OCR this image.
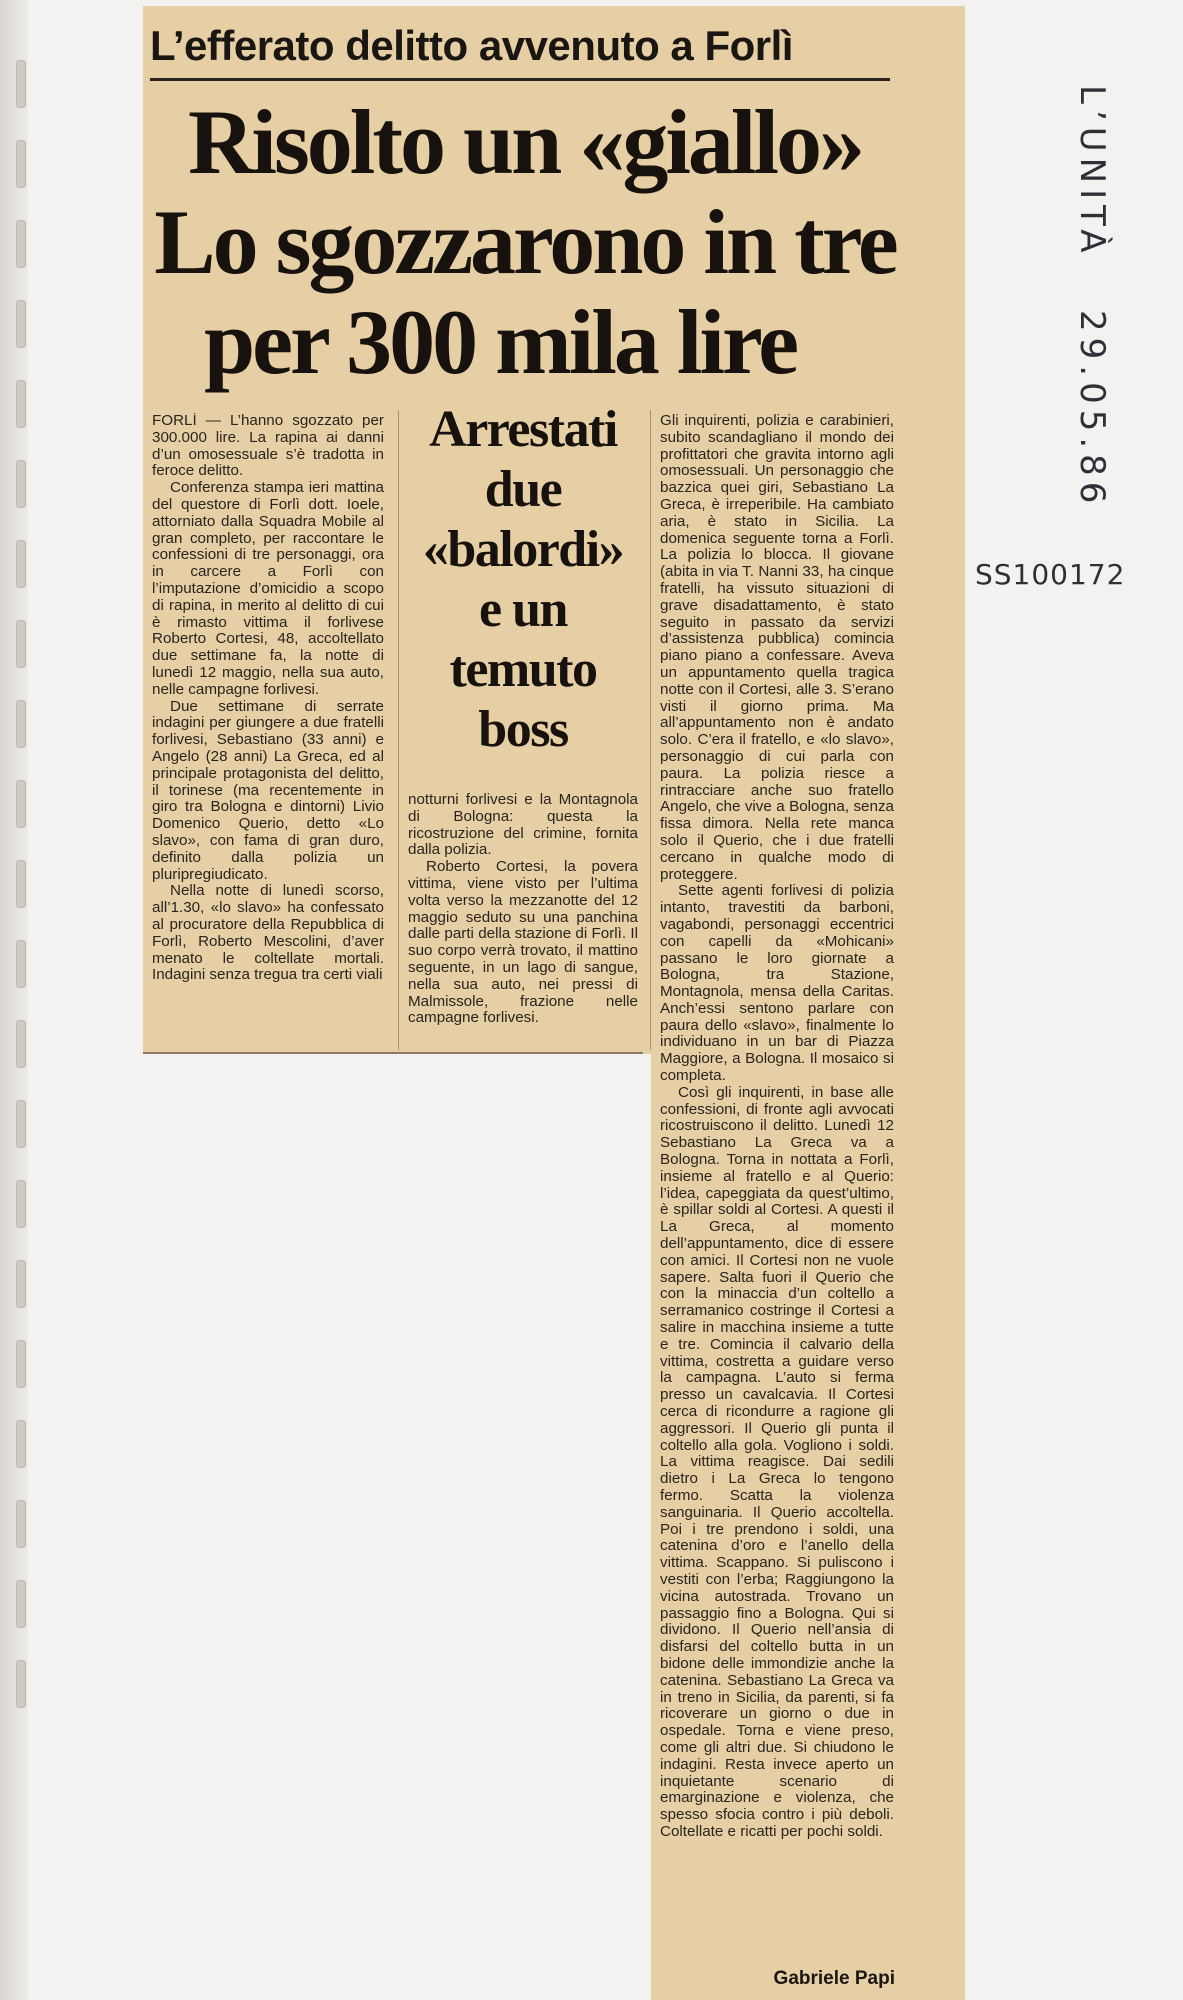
L’efferato delitto avvenuto a Forlì
Risolto un «giallo»
Lo sgozzarono in tre
per 300 mila lire

FORLÌ — L’hanno sgozzato per 300.000 lire. La rapina ai danni d’un omosessuale s’è tradotta in feroce delitto.

Conferenza stampa ieri mattina del questore di Forlì dott. Ioele, attorniato dalla Squadra Mobile al gran completo, per raccontare le confessioni di tre personaggi, ora in carcere a Forlì con l’imputazione d’omicidio a scopo di rapina, in merito al delitto di cui è rimasto vittima il forlivese Roberto Cortesi, 48, accoltellato due settimane fa, la notte di lunedì 12 maggio, nella sua auto, nelle campagne forlivesi.

Due settimane di serrate indagini per giungere a due fratelli forlivesi, Sebastiano (33 anni) e Angelo (28 anni) La Greca, ed al principale protagonista del delitto, il torinese (ma recentemente in giro tra Bologna e dintorni) Livio Domenico Querio, detto «Lo slavo», con fama di gran duro, definito dalla polizia un pluripregiudicato.

Nella notte di lunedì scorso, all’1.30, «lo slavo» ha confessato al procuratore della Repubblica di Forlì, Roberto Mescolini, d’aver menato le coltellate mortali. Indagini senza tregua tra certi viali

Arrestati
due
«balordi»
e un
temuto
boss

notturni forlivesi e la Montagnola di Bologna: questa la ricostruzione del crimine, fornita dalla polizia.

Roberto Cortesi, la povera vittima, viene visto per l’ultima volta verso la mezzanotte del 12 maggio seduto su una panchina dalle parti della stazione di Forlì. Il suo corpo verrà trovato, il mattino seguente, in un lago di sangue, nella sua auto, nei pressi di Malmissole, frazione nelle campagne forlivesi.

Gli inquirenti, polizia e carabinieri, subito scandagliano il mondo dei profittatori che gravita intorno agli omosessuali. Un personaggio che bazzica quei giri, Sebastiano La Greca, è irreperibile. Ha cambiato aria, è stato in Sicilia. La domenica seguente torna a Forlì. La polizia lo blocca. Il giovane (abita in via T. Nanni 33, ha cinque fratelli, ha vissuto situazioni di grave disadattamento, è stato seguito in passato da servizi d’assistenza pubblica) comincia piano piano a confessare. Aveva un appuntamento quella tragica notte con il Cortesi, alle 3. S’erano visti il giorno prima. Ma all’appuntamento non è andato solo. C’era il fratello, e «lo slavo», personaggio di cui parla con paura. La polizia riesce a rintracciare anche suo fratello Angelo, che vive a Bologna, senza fissa dimora. Nella rete manca solo il Querio, che i due fratelli cercano in qualche modo di proteggere.

Sette agenti forlivesi di polizia intanto, travestiti da barboni, vagabondi, personaggi eccentrici con capelli da «Mohicani» passano le loro giornate a Bologna, tra Stazione, Montagnola, mensa della Caritas. Anch’essi sentono parlare con paura dello «slavo», finalmente lo individuano in un bar di Piazza Maggiore, a Bologna. Il mosaico si completa.

Così gli inquirenti, in base alle confessioni, di fronte agli avvocati ricostruiscono il delitto. Lunedì 12 Sebastiano La Greca va a Bologna. Torna in nottata a Forlì, insieme al fratello e al Querio: l’idea, capeggiata da quest’ultimo, è spillar soldi al Cortesi. A questi il La Greca, al momento dell’appuntamento, dice di essere con amici. Il Cortesi non ne vuole sapere. Salta fuori il Querio che con la minaccia d’un coltello a serramanico costringe il Cortesi a salire in macchina insieme a tutte e tre. Comincia il calvario della vittima, costretta a guidare verso la campagna. L’auto si ferma presso un cavalcavia. Il Cortesi cerca di ricondurre a ragione gli aggressori. Il Querio gli punta il coltello alla gola. Vogliono i soldi. La vittima reagisce. Dai sedili dietro i La Greca lo tengono fermo. Scatta la violenza sanguinaria. Il Querio accoltella. Poi i tre prendono i soldi, una catenina d’oro e l’anello della vittima. Scappano. Si puliscono i vestiti con l’erba; Raggiungono la vicina autostrada. Trovano un passaggio fino a Bologna. Qui si dividono. Il Querio nell’ansia di disfarsi del coltello butta in un bidone delle immondizie anche la catenina. Sebastiano La Greca va in treno in Sicilia, da parenti, si fa ricoverare un giorno o due in ospedale. Torna e viene preso, come gli altri due. Si chiudono le indagini. Resta invece aperto un inquietante scenario di emarginazione e violenza, che spesso sfocia contro i più deboli. Coltellate e ricatti per pochi soldi.

Gabriele Papi
L’UNITÀ
29.05.86
SS100172
